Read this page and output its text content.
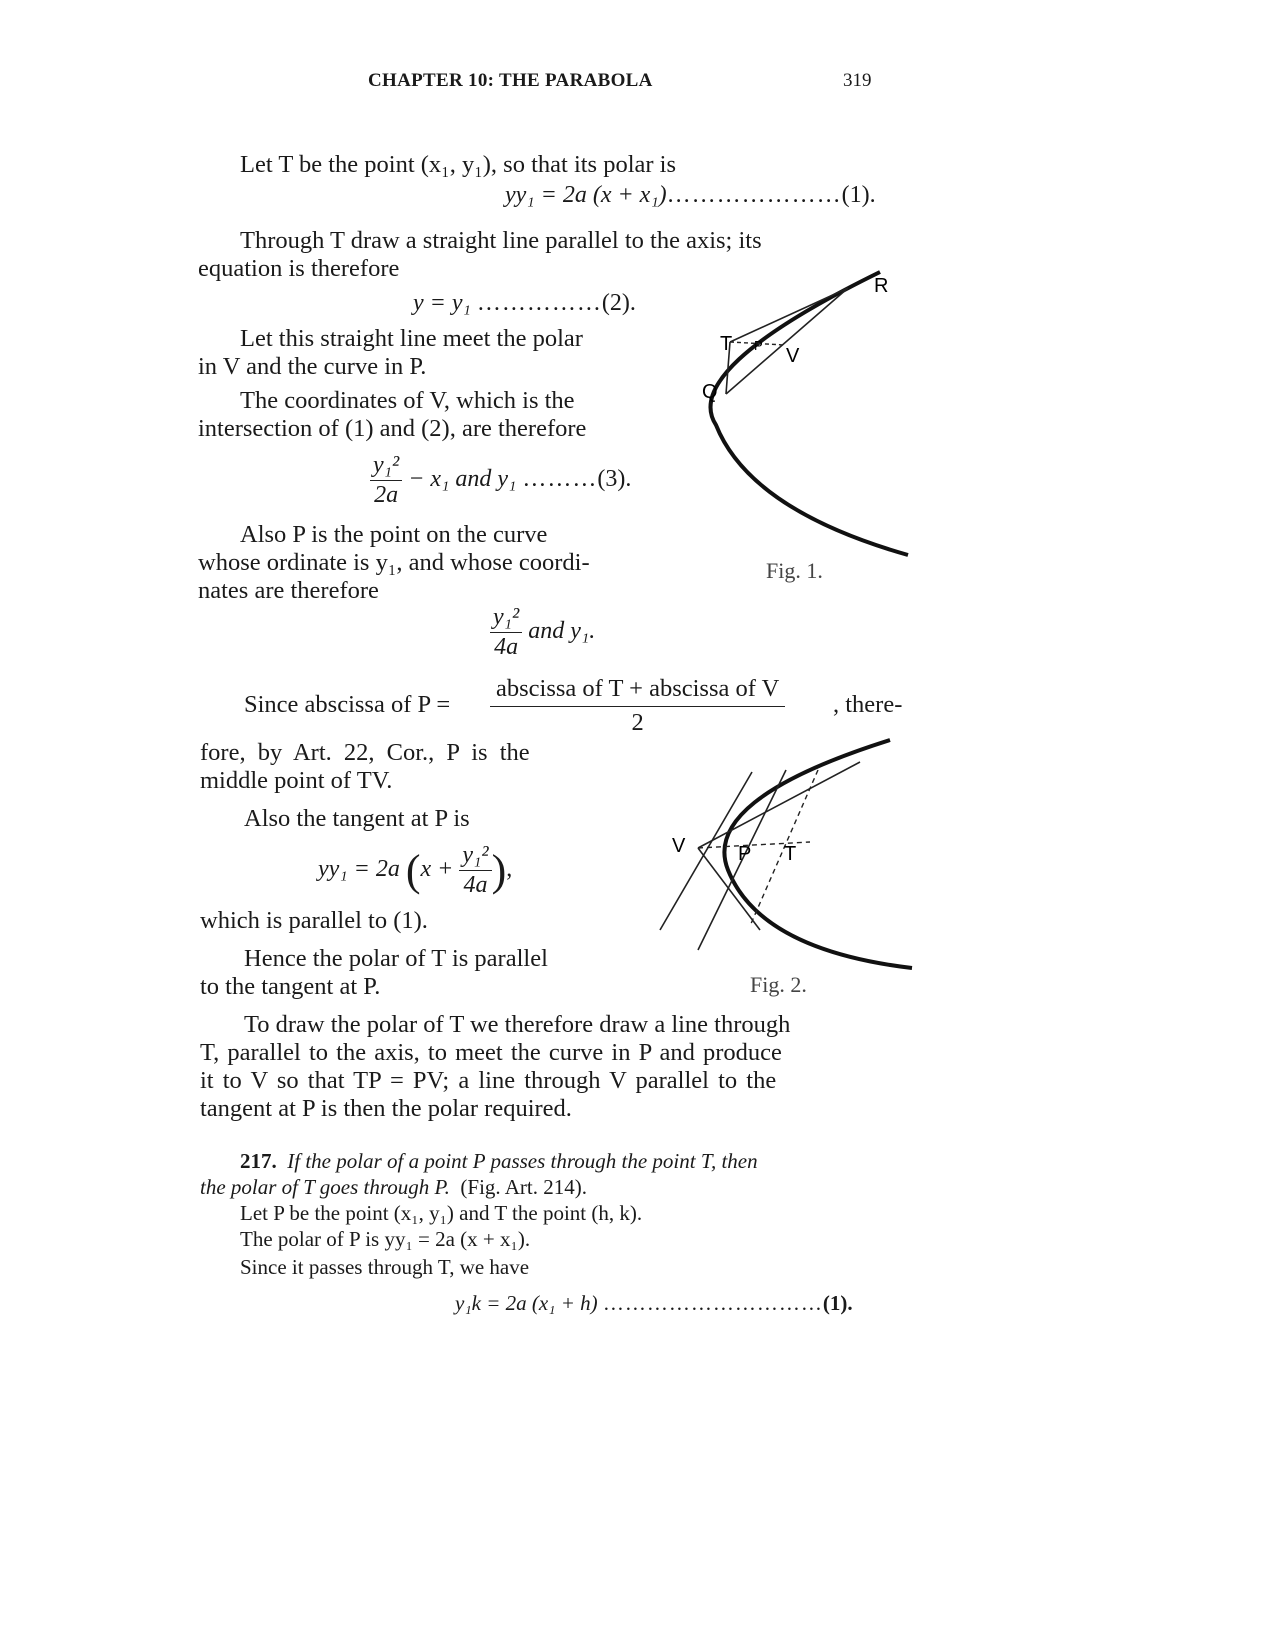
CHAPTER 10: THE PARABOLA	319
Let T be the point (x₁, y₁), so that its polar is
yy₁ = 2a (x + x₁)…………………(1).
Through T draw a straight line parallel to the axis; its
equation is therefore
y = y₁ ……………(2).
Let this straight line meet the polar
in V and the curve in P.
The coordinates of V, which is the
intersection of (1) and (2), are therefore
$\frac{\text{y₁²}}{2a} - x_1$ and y₁ ………(3).
Also P is the point on the curve
whose ordinate is y₁, and whose coordi-
nates are therefore
$\frac{\text{y₁²}}{4a}$ and y₁.
Since abscissa of $P = \frac{\text{abscissa of T + abscissa of V}}{2}$ , there-
fore, by Art. 22, Cor., P is the
middle point of TV.
Also the tangent at P is
yy₁ = 2a ($x + \frac{\text{y₁²}}{4a}$ ),
which is parallel to (1).
Hence the polar of T is parallel
to the tangent at P.
To draw the polar of T we therefore draw a line through
T, parallel to the axis, to meet the curve in P and produce
it to V so that TP = PV; a line through V parallel to the
tangent at P is then the polar required.
217. If the polar of a point P passes through the point T, then
the polar of T goes through P. (Fig. Art. 214).
Let P be the point (x₁, y₁) and T the point (h, k).
The polar of P is yy₁ = 2a (x + x₁).
Since it passes through T, we have
y₁k = 2a (x₁ + h) …………………………(1).
R
T P V
Q
Fig. 1.
V	P T
Fig. 2.
